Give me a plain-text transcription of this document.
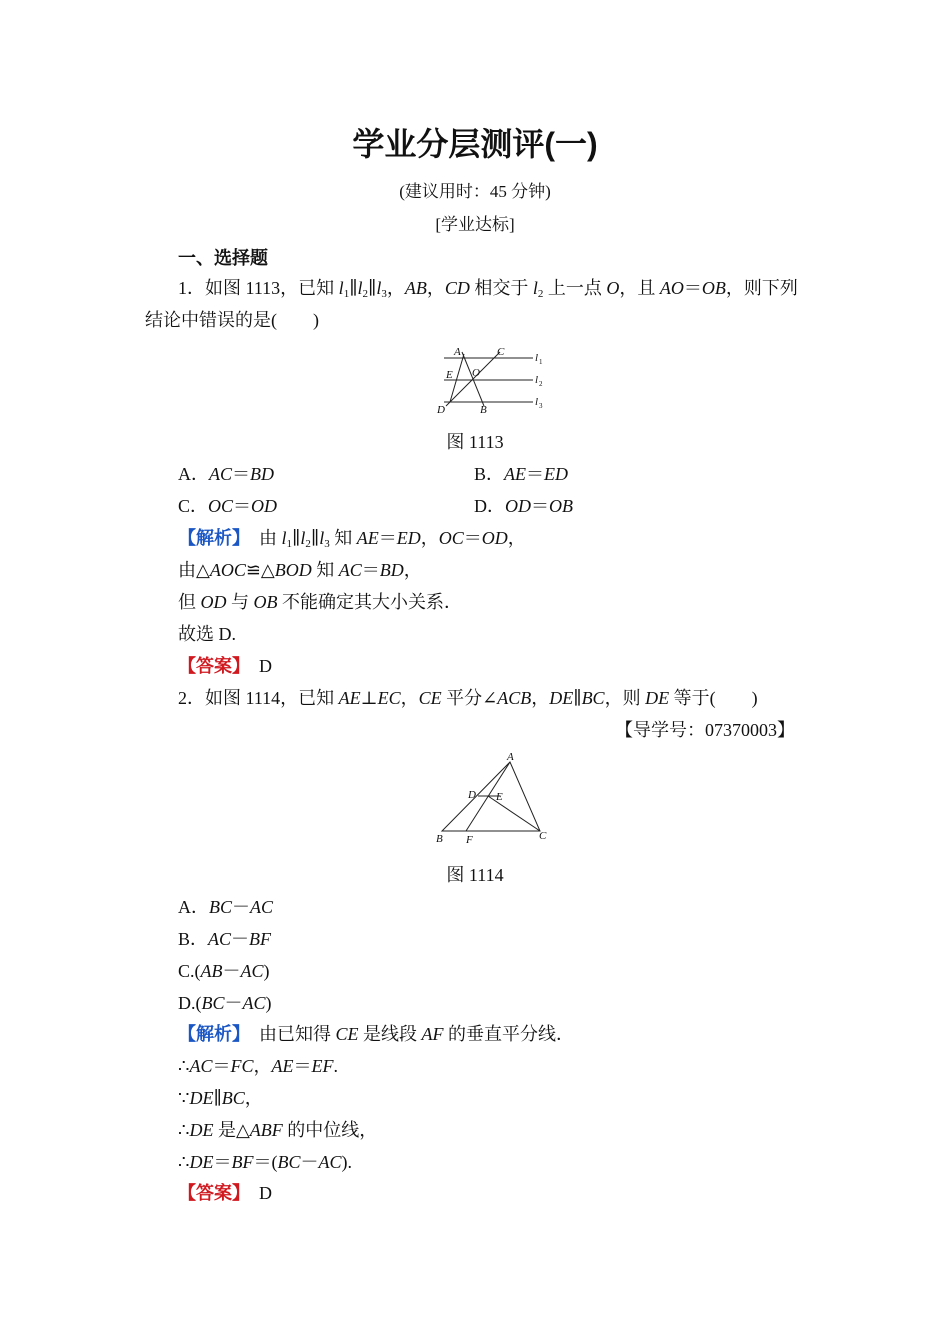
学业分层测评(一)
(建议用时：45 分钟)
[学业达标]
一、选择题
1．如图 1113，已知 $l_1\parallel l_2\parallel l_3$，AB，CD 相交于 $l_2$ 上一点 O，且 AO＝OB，则下列
结论中错误的是(　　)
A	C
E O
D	B
l 1
l 2
l 3
图 1113
A．AC＝BD	B．AE＝ED
C．OC＝OD	D．OD＝OB
【解析】　由 $l_1\parallel l_2\parallel l_3$ 知 AE＝ED，OC＝OD，
由△AOC≌△BOD 知 AC＝BD，
但 OD 与 OB 不能确定其大小关系．
故选 D.
【答案】　 D
2．如图 1114，已知 AE⊥EC，CE 平分∠ACB，DE∥BC，则 DE 等于(　　)
【导学号：07370003】
A
D E
B F	C
图 1114
A．BC－AC
B．AC－BF
C.(AB－AC)
D.(BC－AC)
【解析】　由已知得 CE 是线段 AF 的垂直平分线．
∴AC＝FC，AE＝EF.
∵DE∥BC，
∴DE 是△ABF 的中位线，
∴DE＝BF＝(BC－AC).
【答案】　 D
